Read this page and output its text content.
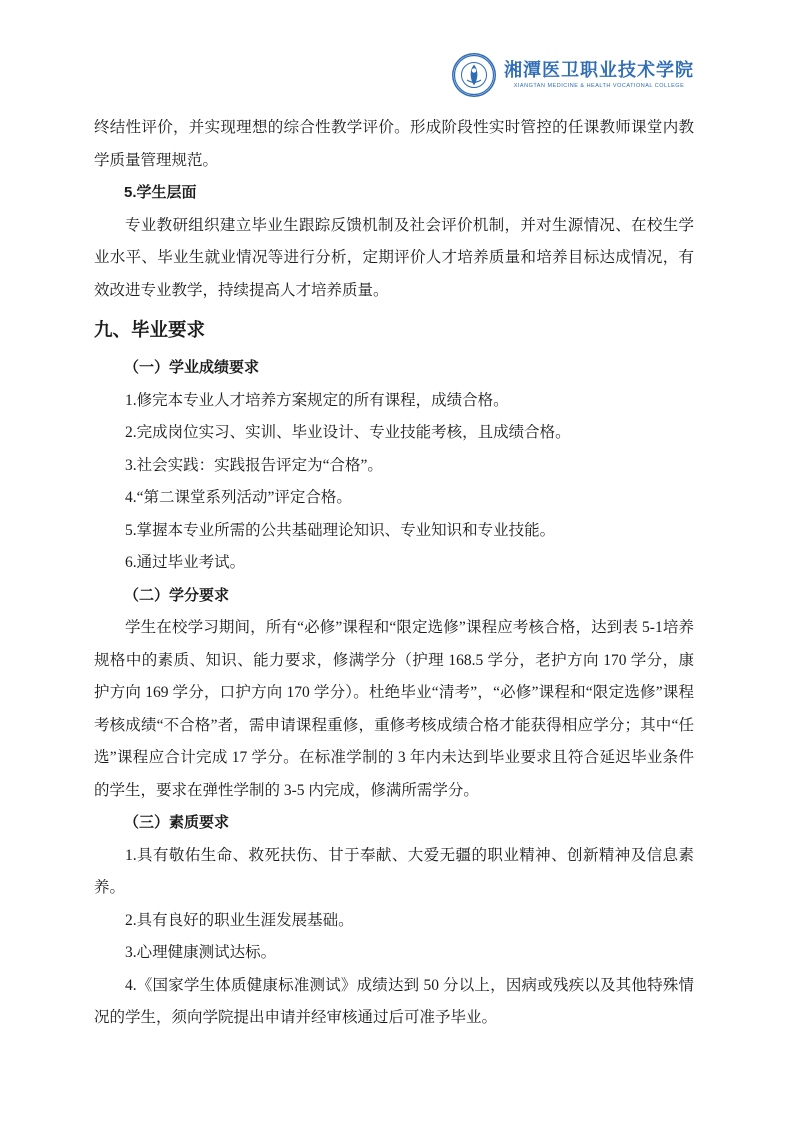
湘潭医卫职业技术学院
XIANGTAN MEDICINE & HEALTH VOCATIONAL COLLEGE

终结性评价，并实现理想的综合性教学评价。形成阶段性实时管控的任课教师课堂内教学质量管理规范。

5.学生层面

专业教研组织建立毕业生跟踪反馈机制及社会评价机制，并对生源情况、在校生学业水平、毕业生就业情况等进行分析，定期评价人才培养质量和培养目标达成情况，有效改进专业教学，持续提高人才培养质量。

九、毕业要求

（一）学业成绩要求

1.修完本专业人才培养方案规定的所有课程，成绩合格。

2.完成岗位实习、实训、毕业设计、专业技能考核，且成绩合格。

3.社会实践：实践报告评定为“合格”。

4.“第二课堂系列活动”评定合格。

5.掌握本专业所需的公共基础理论知识、专业知识和专业技能。

6.通过毕业考试。

（二）学分要求

学生在校学习期间，所有“必修”课程和“限定选修”课程应考核合格，达到表 5-1培养规格中的素质、知识、能力要求，修满学分（护理 168.5 学分，老护方向 170 学分，康护方向 169 学分，口护方向 170 学分）。杜绝毕业“清考”，“必修”课程和“限定选修”课程考核成绩“不合格”者，需申请课程重修，重修考核成绩合格才能获得相应学分；其中“任选”课程应合计完成 17 学分。在标准学制的 3 年内未达到毕业要求且符合延迟毕业条件的学生，要求在弹性学制的 3-5 内完成，修满所需学分。

（三）素质要求

1.具有敬佑生命、救死扶伤、甘于奉献、大爱无疆的职业精神、创新精神及信息素养。

2.具有良好的职业生涯发展基础。

3.心理健康测试达标。

4.《国家学生体质健康标准测试》成绩达到 50 分以上，因病或残疾以及其他特殊情况的学生，须向学院提出申请并经审核通过后可准予毕业。
